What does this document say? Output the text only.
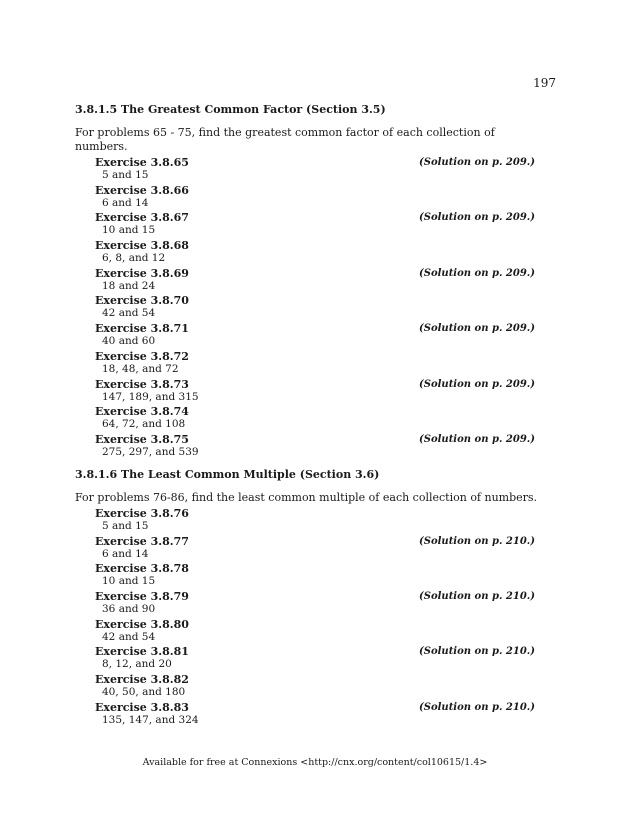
197
3.8.1.5 The Greatest Common Factor (Section 3.5)

For problems 65 - 75, find the greatest common factor of each collection of numbers.

Exercise 3.8.65
5 and 15
(Solution on p. 209.)
Exercise 3.8.66
6 and 14
Exercise 3.8.67
10 and 15
(Solution on p. 209.)
Exercise 3.8.68
6, 8, and 12
Exercise 3.8.69
18 and 24
(Solution on p. 209.)
Exercise 3.8.70
42 and 54
Exercise 3.8.71
40 and 60
(Solution on p. 209.)
Exercise 3.8.72
18, 48, and 72
Exercise 3.8.73
147, 189, and 315
(Solution on p. 209.)
Exercise 3.8.74
64, 72, and 108
Exercise 3.8.75
275, 297, and 539
(Solution on p. 209.)
3.8.1.6 The Least Common Multiple (Section 3.6)

For problems 76-86, find the least common multiple of each collection of numbers.

Exercise 3.8.76
5 and 15
Exercise 3.8.77
6 and 14
(Solution on p. 210.)
Exercise 3.8.78
10 and 15
Exercise 3.8.79
36 and 90
(Solution on p. 210.)
Exercise 3.8.80
42 and 54
Exercise 3.8.81
8, 12, and 20
(Solution on p. 210.)
Exercise 3.8.82
40, 50, and 180
Exercise 3.8.83
135, 147, and 324
(Solution on p. 210.)
Available for free at Connexions <http://cnx.org/content/col10615/1.4>
